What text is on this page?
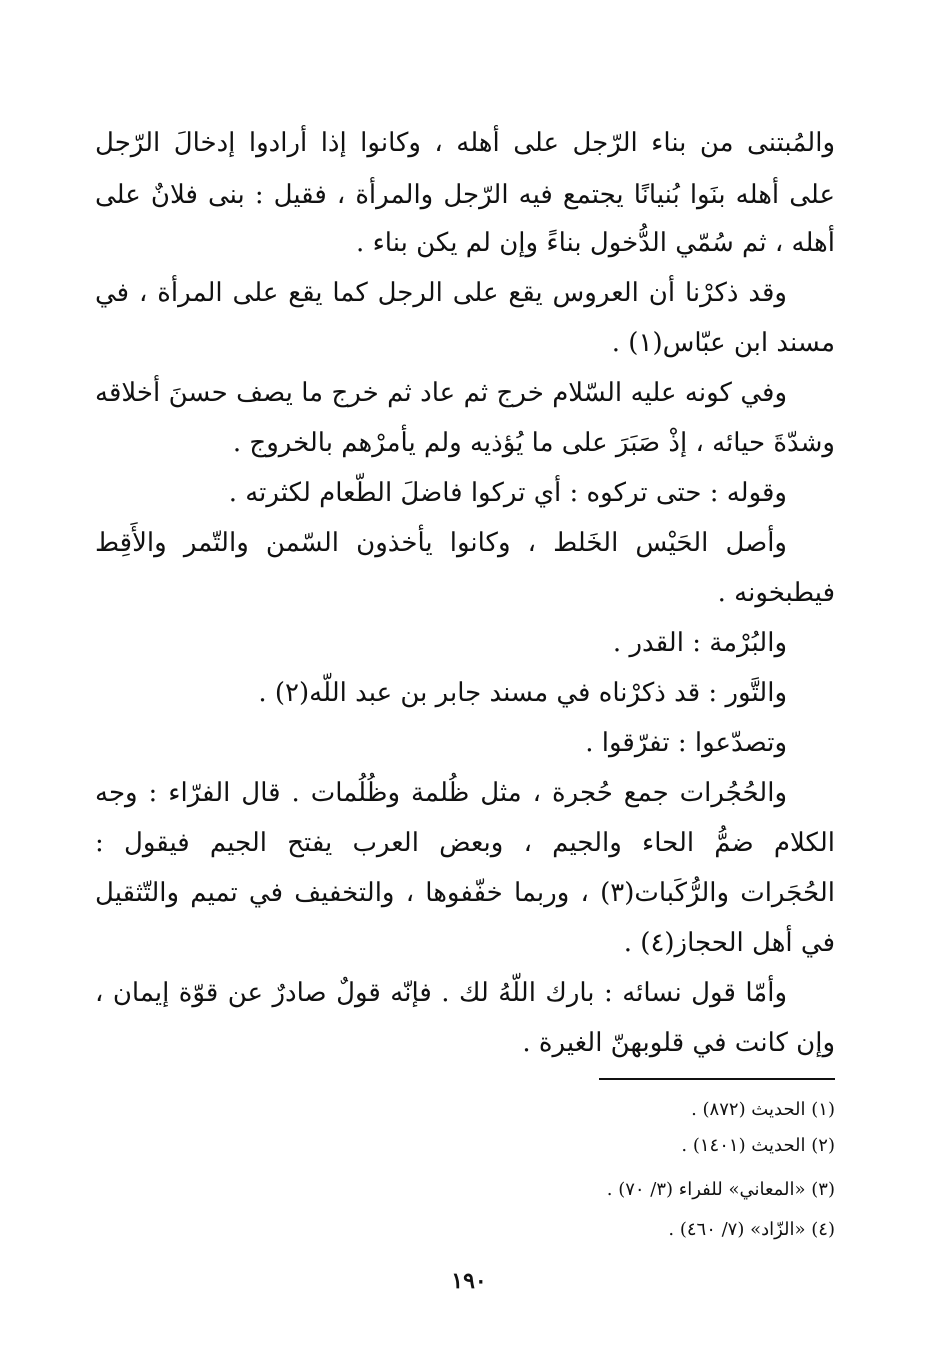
والمُبتنى من بناء الرّجل على أهله ، وكانوا إذا أرادوا إدخالَ الرّجل
على أهله بنَوا بُنيانًا يجتمع فيه الرّجل والمرأة ، فقيل : بنى فلانٌ على
أهله ، ثم سُمّي الدُّخول بناءً وإن لم يكن بناء .
وقد ذكرْنا أن العروس يقع على الرجل كما يقع على المرأة ، في
مسند ابن عبّاس(١) .
وفي كونه عليه السّلام خرج ثم عاد ثم خرج ما يصف حسنَ أخلاقه
وشدّةَ حيائه ، إذْ صَبَرَ على ما يُؤذيه ولم يأمرْهم بالخروج .
وقوله : حتى تركوه : أي تركوا فاضلَ الطّعام لكثرته .
وأصل الحَيْس الخَلط ، وكانوا يأخذون السّمن والتّمر والأَقِط
فيطبخونه .
والبُرْمة : القدر .
والتَّور : قد ذكرْناه في مسند جابر بن عبد اللّه(٢) .
وتصدّعوا : تفرّقوا .
والحُجُرات جمع حُجرة ، مثل ظُلمة وظُلُمات . قال الفرّاء : وجه
الكلام ضمُّ الحاء والجيم ، وبعض العرب يفتح الجيم فيقول :
الحُجَرات والرُّكَبات(٣) ، وربما خفّفوها ، والتخفيف في تميم والتّثقيل
في أهل الحجاز(٤) .
وأمّا قول نسائه : بارك اللّهُ لك . فإنّه قولٌ صادرٌ عن قوّة إيمان ،
وإن كانت في قلوبهنّ الغيرة .
(١) الحديث (٨٧٢) .
(٢) الحديث (١٤٠١) .
(٣) «المعاني» للفراء (٣/ ٧٠) .
(٤) «الزّاد» (٧/ ٤٦٠) .
١٩٠
